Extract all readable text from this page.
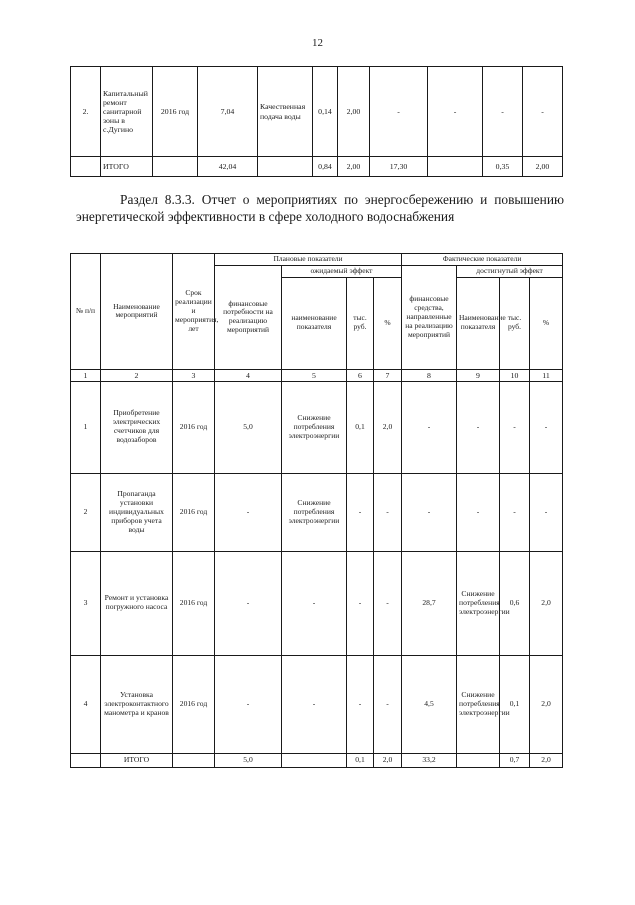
12
2.	Капитальный ремонт санитарной зоны в с.Дугино	2016 год	7,04	Качественная подача воды	0,14	2,00	-	-	-	-
	ИТОГО		42,04		0,84	2,00	17,30		0,35	2,00
Раздел 8.3.3. Отчет о мероприятиях по энергосбережению и повышению энергетической эффективности в сфере холодного водоснабжения
№ п/п	Наименование мероприятий	Срок реализации и мероприятия, лет	Плановые показатели				Фактические показатели			
			финансовые потребности на реализацию мероприятий	ожидаемый эффект			финансовые средства, направленные на реализацию мероприятий	достигнутый эффект		
				наименование показателя	тыс. руб.	%		Наименование показателя	тыс. руб.	%
1	2	3	4	5	6	7	8	9	10	11
1	Приобретение электрических счетчиков для водозаборов	2016 год	5,0	Снижение потребления электроэнергии	0,1	2,0	-	-	-	-
2	Пропаганда установки индивидуальных приборов учета воды	2016 год	-	Снижение потребления электроэнергии	-	-	-	-	-	-
3	Ремонт и установка погружного насоса	2016 год	-	-	-	-	28,7	Снижение потребления электроэнергии	0,6	2,0
4	Установка электроконтактного манометра и кранов	2016 год	-	-	-	-	4,5	Снижение потребления электроэнергии	0,1	2,0
	ИТОГО		5,0		0,1	2,0	33,2		0,7	2,0
